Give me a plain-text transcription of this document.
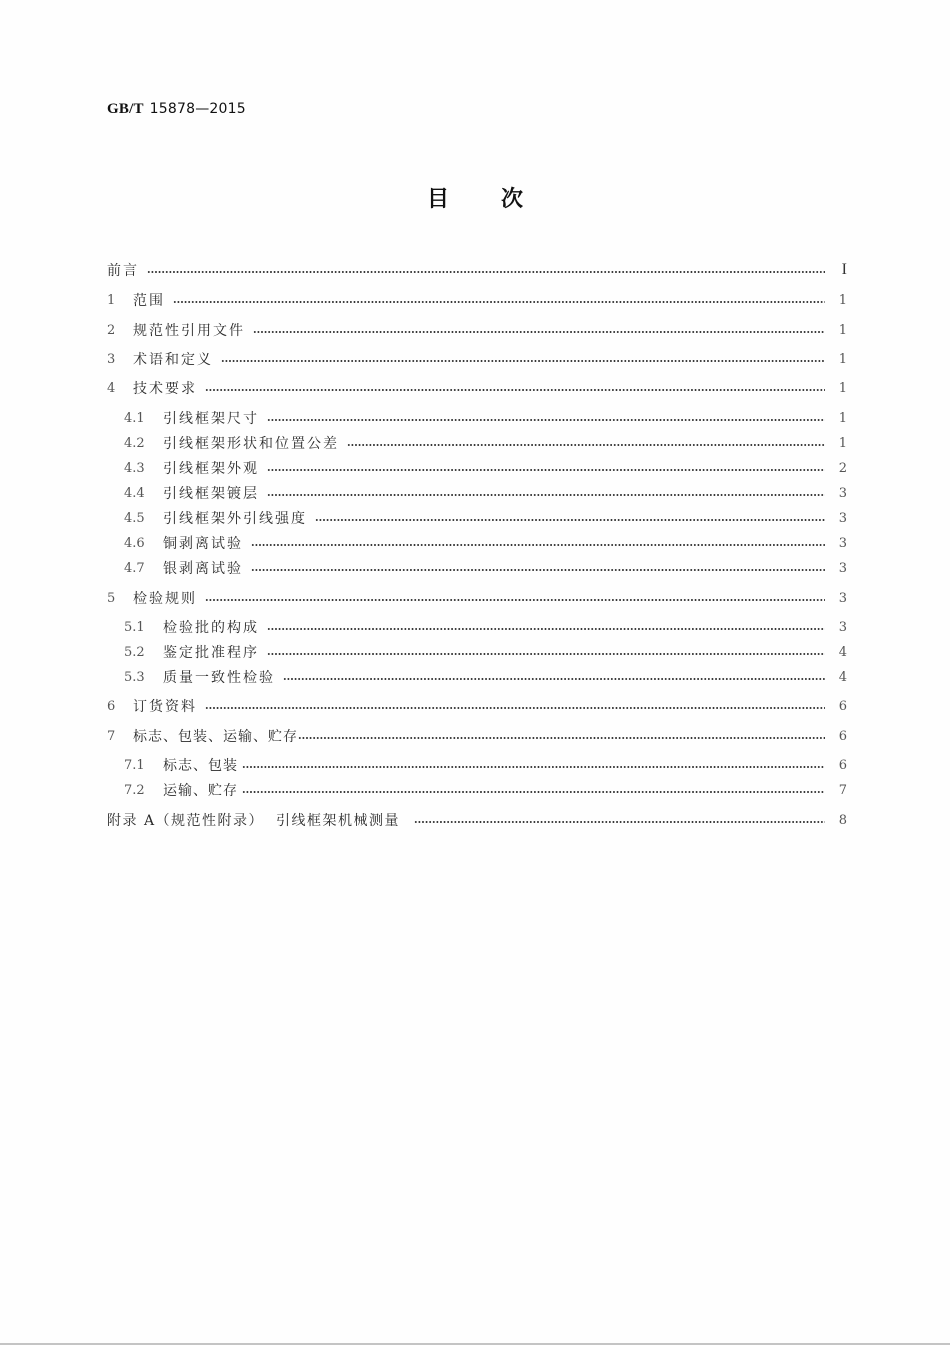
GB/T 15878—2015
目 次
前言	I
1	范围	1
2	规范性引用文件	1
3	术语和定义	1
4	技术要求	1
4.1	引线框架尺寸	1
4.2	引线框架形状和位置公差	1
4.3	引线框架外观	2
4.4	引线框架镀层	3
4.5	引线框架外引线强度	3
4.6	铜剥离试验	3
4.7	银剥离试验	3
5	检验规则	3
5.1	检验批的构成	3
5.2	鉴定批准程序	4
5.3	质量一致性检验	4
6	订货资料	6
7	标志、包装、运输、贮存	6
7.1	标志、包装	6
7.2	运输、贮存	7
附录 A（规范性附录）  引线框架机械测量	8
